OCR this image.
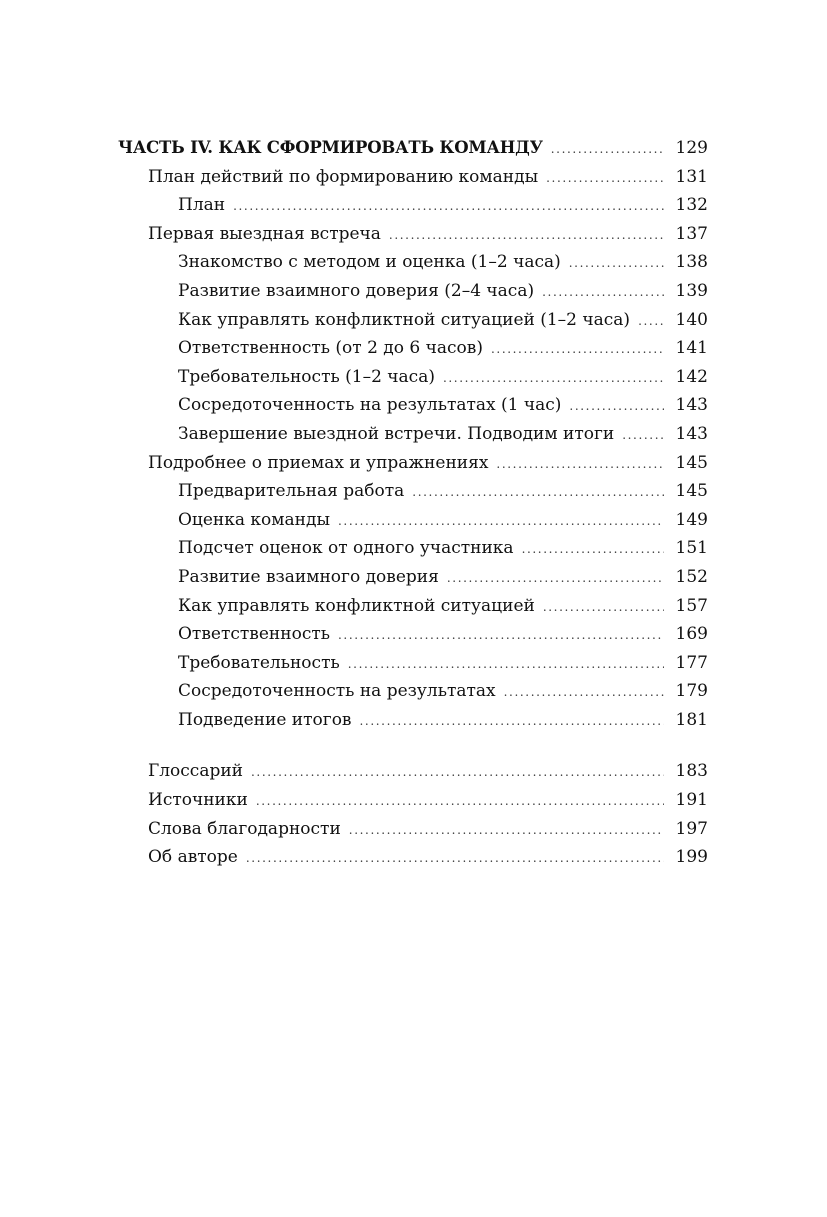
ЧАСТЬ IV. КАК СФОРМИРОВАТЬ КОМАНДУ .....	129
План действий по формированию команды .....	131
План .....	132
Первая выездная встреча .....	137
Знакомство с методом и оценка (1–2 часа) .....	138
Развитие взаимного доверия (2–4 часа) .....	139
Как управлять конфликтной ситуацией (1–2 часа) .....	140
Ответственность (от 2 до 6 часов) .....	141
Требовательность (1–2 часа) .....	142
Сосредоточенность на результатах (1 час) .....	143
Завершение выездной встречи. Подводим итоги .....	143
Подробнее о приемах и упражнениях .....	145
Предварительная работа .....	145
Оценка команды .....	149
Подсчет оценок от одного участника .....	151
Развитие взаимного доверия .....	152
Как управлять конфликтной ситуацией .....	157
Ответственность .....	169
Требовательность .....	177
Сосредоточенность на результатах .....	179
Подведение итогов .....	181
Глоссарий .....	183
Источники .....	191
Слова благодарности .....	197
Об авторе .....	199
